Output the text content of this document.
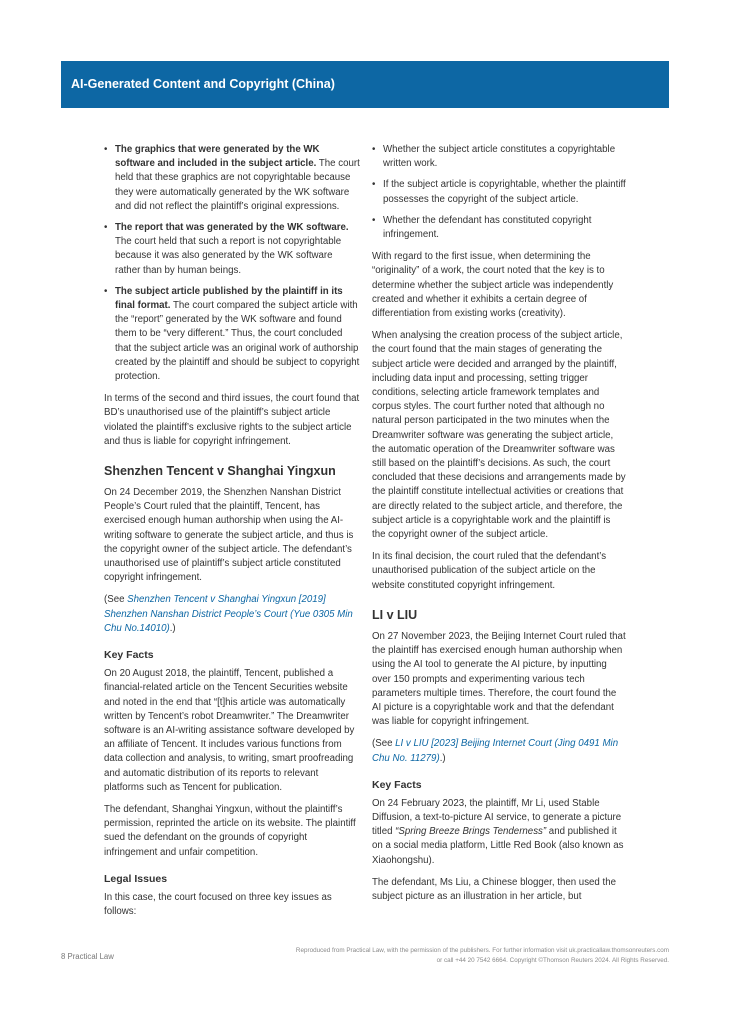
AI-Generated Content and Copyright (China)
• The graphics that were generated by the WK software and included in the subject article. The court held that these graphics are not copyrightable because they were automatically generated by the WK software and did not reflect the plaintiff’s original expressions.
• The report that was generated by the WK software. The court held that such a report is not copyrightable because it was also generated by the WK software rather than by human beings.
• The subject article published by the plaintiff in its final format. The court compared the subject article with the “report” generated by the WK software and found them to be “very different.” Thus, the court concluded that the subject article was an original work of authorship created by the plaintiff and should be subject to copyright protection.

In terms of the second and third issues, the court found that BD’s unauthorised use of the plaintiff’s subject article violated the plaintiff’s exclusive rights to the subject article and thus is liable for copyright infringement.

Shenzhen Tencent v Shanghai Yingxun

On 24 December 2019, the Shenzhen Nanshan District People’s Court ruled that the plaintiff, Tencent, has exercised enough human authorship when using the AI-writing software to generate the subject article, and thus is the copyright owner of the subject article. The defendant’s unauthorised use of plaintiff’s subject article constituted copyright infringement.

(See Shenzhen Tencent v Shanghai Yingxun [2019] Shenzhen Nanshan District People’s Court (Yue 0305 Min Chu No.14010).)

Key Facts

On 20 August 2018, the plaintiff, Tencent, published a financial-related article on the Tencent Securities website and noted in the end that “[t]his article was automatically written by Tencent’s robot Dreamwriter.” The Dreamwriter software is an AI-writing assistance software developed by an affiliate of Tencent. It includes various functions from data collection and analysis, to writing, smart proofreading and automatic distribution of its reports to relevant platforms such as Tencent for publication.

The defendant, Shanghai Yingxun, without the plaintiff’s permission, reprinted the article on its website. The plaintiff sued the defendant on the grounds of copyright infringement and unfair competition.

Legal Issues

In this case, the court focused on three key issues as follows:

• Whether the subject article constitutes a copyrightable written work.
• If the subject article is copyrightable, whether the plaintiff possesses the copyright of the subject article.
• Whether the defendant has constituted copyright infringement.

With regard to the first issue, when determining the “originality” of a work, the court noted that the key is to determine whether the subject article was independently created and whether it exhibits a certain degree of differentiation from existing works (creativity).

When analysing the creation process of the subject article, the court found that the main stages of generating the subject article were decided and arranged by the plaintiff, including data input and processing, setting trigger conditions, selecting article framework templates and corpus styles. The court further noted that although no natural person participated in the two minutes when the Dreamwriter software was generating the subject article, the automatic operation of the Dreamwriter software was still based on the plaintiff’s decisions. As such, the court concluded that these decisions and arrangements made by the plaintiff constitute intellectual activities or creations that are directly related to the subject article, and therefore, the subject article is a copyrightable work and the plaintiff is the copyright owner of the subject article.

In its final decision, the court ruled that the defendant’s unauthorised publication of the subject article on the website constituted copyright infringement.

LI v LIU

On 27 November 2023, the Beijing Internet Court ruled that the plaintiff has exercised enough human authorship when using the AI tool to generate the AI picture, by inputting over 150 prompts and experimenting various tech parameters multiple times. Therefore, the court found the AI picture is a copyrightable work and that the defendant was liable for copyright infringement.

(See LI v LIU [2023] Beijing Internet Court (Jing 0491 Min Chu No. 11279).)

Key Facts

On 24 February 2023, the plaintiff, Mr Li, used Stable Diffusion, a text-to-picture AI service, to generate a picture titled “Spring Breeze Brings Tenderness” and published it on a social media platform, Little Red Book (also known as Xiaohongshu).

The defendant, Ms Liu, a Chinese blogger, then used the subject picture as an illustration in her article, but

8 Practical Law
Reproduced from Practical Law, with the permission of the publishers. For further information visit uk.practicallaw.thomsonreuters.com
or call +44 20 7542 6664. Copyright ©Thomson Reuters 2024. All Rights Reserved.
